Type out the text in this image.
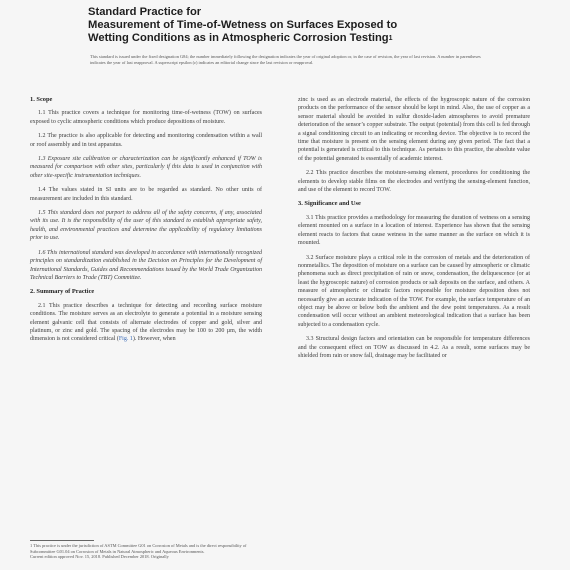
Standard Practice for
Measurement of Time-of-Wetness on Surfaces Exposed to
Wetting Conditions as in Atmospheric Corrosion Testing$^1$
This standard is issued under the fixed designation G84; the number immediately following the designation indicates the year of original adoption or, in the case of revision, the year of last revision. A number in parentheses indicates the year of last reapproval. A superscript epsilon (ε) indicates an editorial change since the last revision or reapproval.
1. Scope

1.1 This practice covers a technique for monitoring time-of-wetness (TOW) on surfaces exposed to cyclic atmospheric conditions which produce depositions of moisture.

1.2 The practice is also applicable for detecting and monitoring condensation within a wall or roof assembly and in test apparatus.

1.3 Exposure site calibration or characterization can be significantly enhanced if TOW is measured for comparison with other sites, particularly if this data is used in conjunction with other site-specific instrumentation techniques.

1.4 The values stated in SI units are to be regarded as standard. No other units of measurement are included in this standard.

1.5 This standard does not purport to address all of the safety concerns, if any, associated with its use. It is the responsibility of the user of this standard to establish appropriate safety, health, and environmental practices and determine the applicability of regulatory limitations prior to use.

1.6 This international standard was developed in accordance with internationally recognized principles on standardization established in the Decision on Principles for the Development of International Standards, Guides and Recommendations issued by the World Trade Organization Technical Barriers to Trade (TBT) Committee.

2. Summary of Practice

2.1 This practice describes a technique for detecting and recording surface moisture conditions. The moisture serves as an electrolyte to generate a potential in a moisture sensing element galvanic cell that consists of alternate electrodes of copper and gold, silver and platinum, or zinc and gold. The spacing of the electrodes may be 100 to 200 µm, the width dimension is not considered critical (Fig. 1). However, when

1 This practice is under the jurisdiction of ASTM Committee G01 on Corrosion of Metals and is the direct responsibility of Subcommittee G01.04 on Corrosion of Metals in Natural Atmospheric and Aqueous Environments.
Current edition approved Nov. 15, 2018. Published December 2018. Originally

zinc is used as an electrode material, the effects of the hygroscopic nature of the corrosion products on the performance of the sensor should be kept in mind. Also, the use of copper as a sensor material should be avoided in sulfur dioxide-laden atmospheres to avoid premature deterioration of the sensor’s copper substrate. The output (potential) from this cell is fed through a signal conditioning circuit to an indicating or recording device. The objective is to record the time that moisture is present on the sensing element during any given period. The fact that a potential is generated is critical to this technique. As pertains to this practice, the absolute value of the potential generated is essentially of academic interest.

2.2 This practice describes the moisture-sensing element, procedures for conditioning the elements to develop stable films on the electrodes and verifying the sensing-element function, and use of the element to record TOW.

3. Significance and Use

3.1 This practice provides a methodology for measuring the duration of wetness on a sensing element mounted on a surface in a location of interest. Experience has shown that the sensing element reacts to factors that cause wetness in the same manner as the surface on which it is mounted.

3.2 Surface moisture plays a critical role in the corrosion of metals and the deterioration of nonmetallics. The deposition of moisture on a surface can be caused by atmospheric or climatic phenomena such as direct precipitation of rain or snow, condensation, the deliquescence (or at least the hygroscopic nature) of corrosion products or salt deposits on the surface, and others. A measure of atmospheric or climatic factors responsible for moisture deposition does not necessarily give an accurate indication of the TOW. For example, the surface temperature of an object may be above or below both the ambient and the dew point temperatures. As a result condensation will occur without an ambient meteorological indication that a surface has been subjected to a condensation cycle.

3.3 Structural design factors and orientation can be responsible for temperature differences and the consequent effect on TOW as discussed in 4.2. As a result, some surfaces may be shielded from rain or snow fall, drainage may be facilitated or
